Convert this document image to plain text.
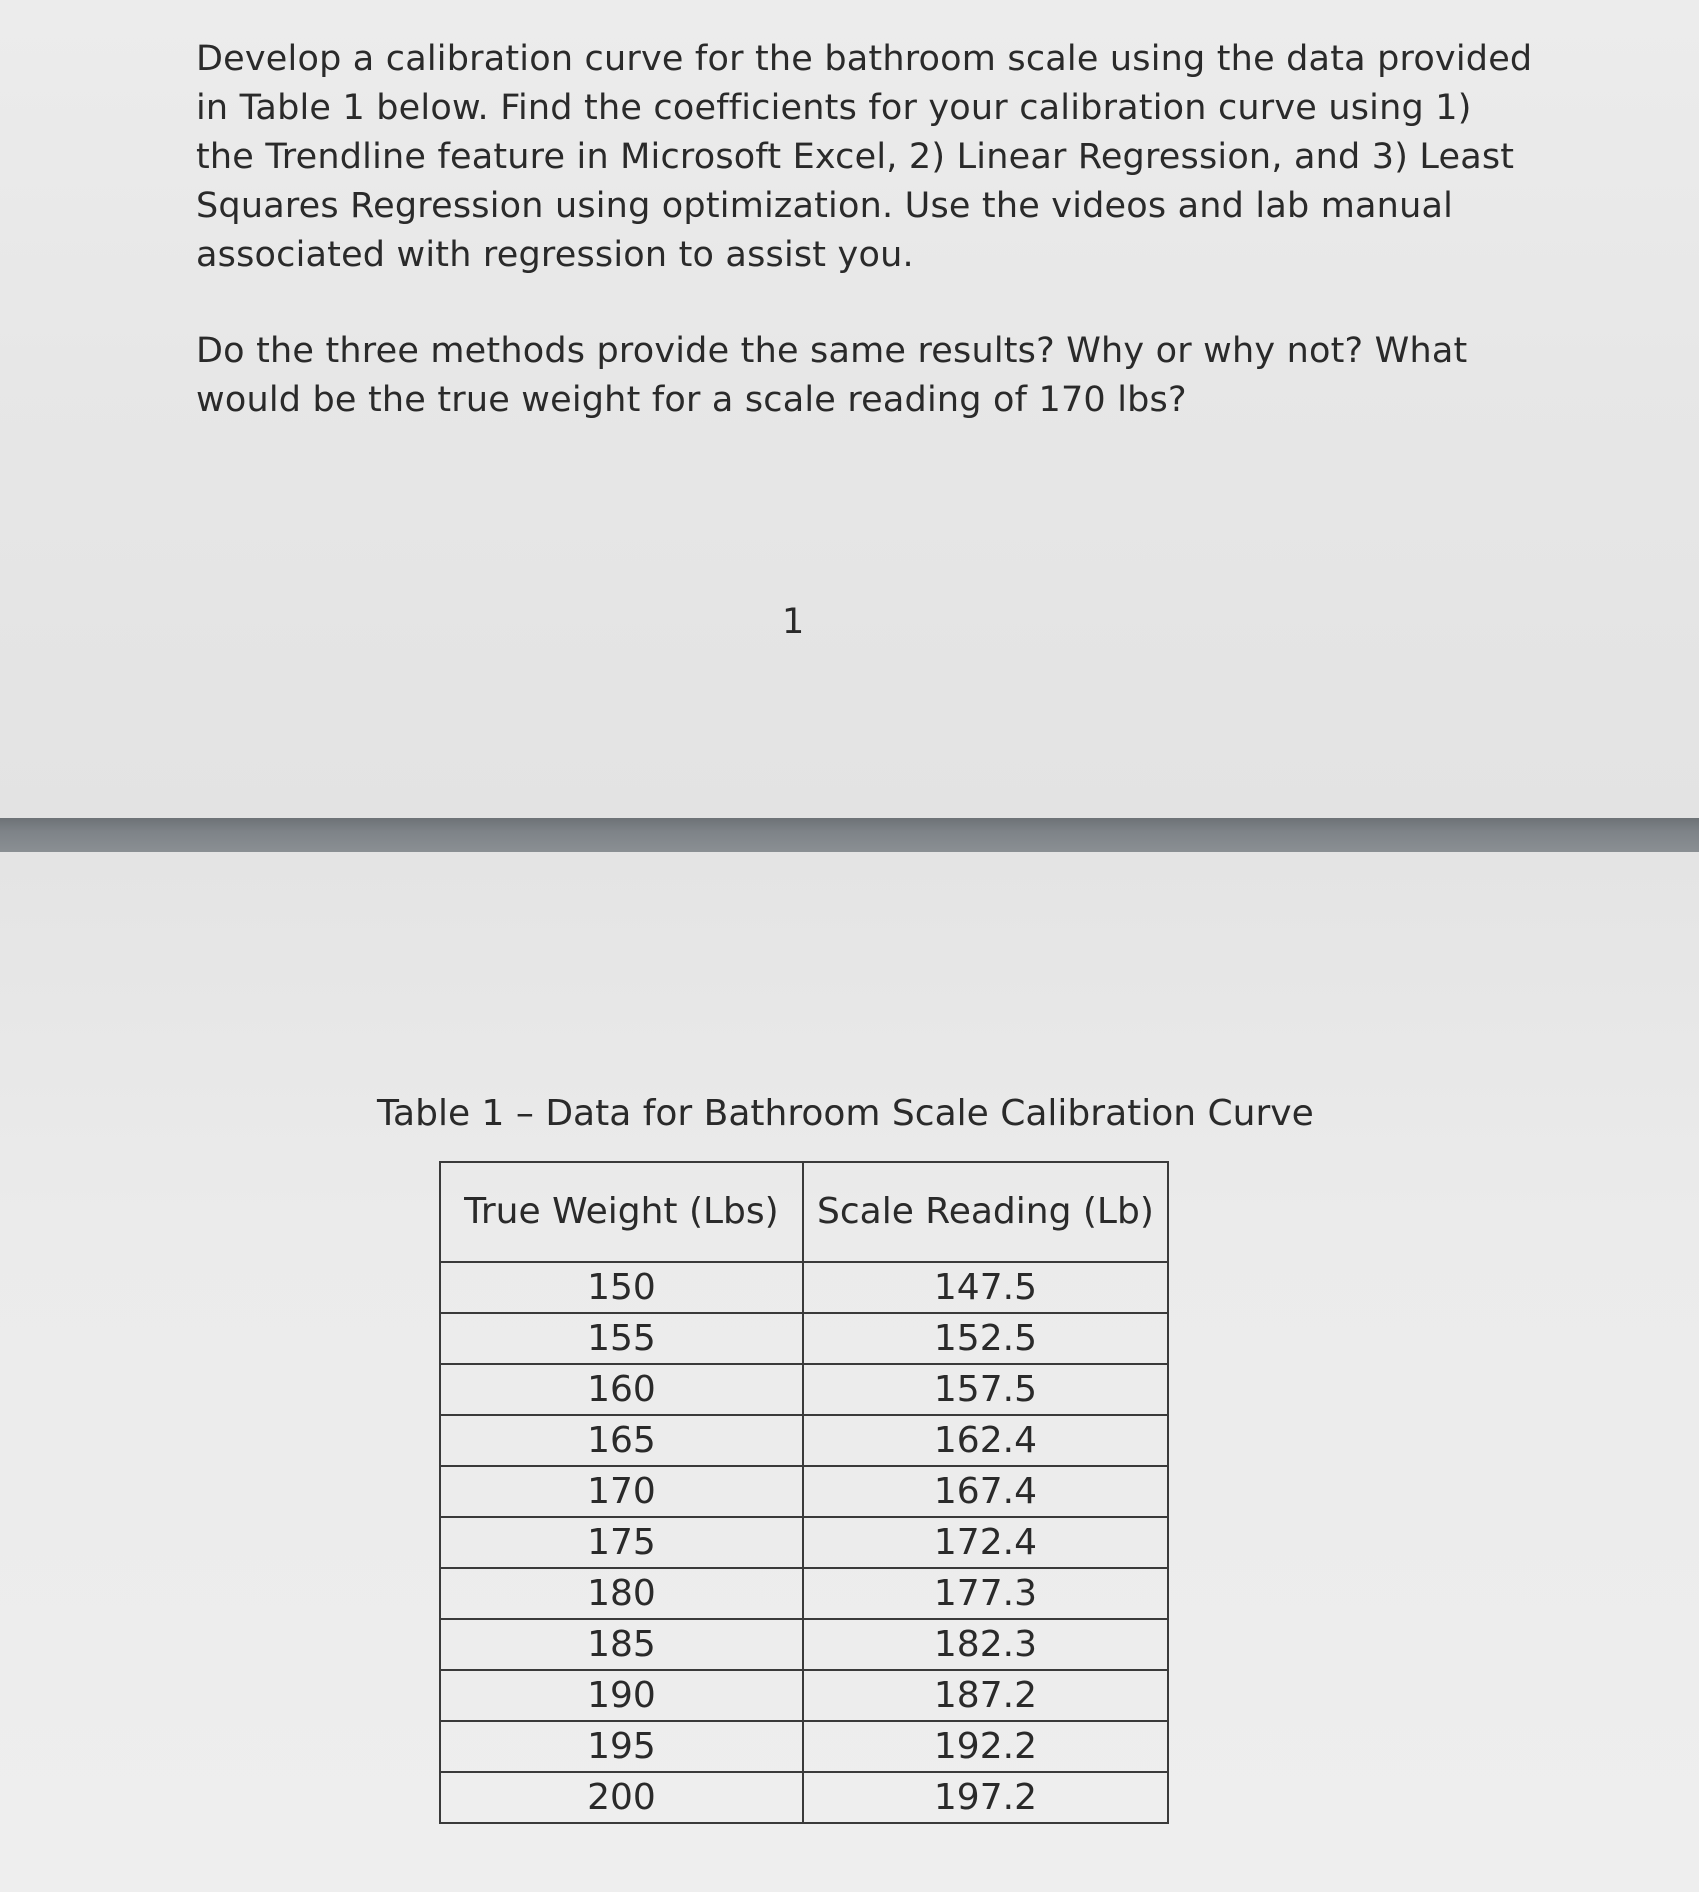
Develop a calibration curve for the bathroom scale using the data provided in Table 1 below. Find the coefficients for your calibration curve using 1) the Trendline feature in Microsoft Excel, 2) Linear Regression, and 3) Least Squares Regression using optimization. Use the videos and lab manual associated with regression to assist you.

Do the three methods provide the same results? Why or why not? What would be the true weight for a scale reading of 170 lbs?

1

Table 1 – Data for Bathroom Scale Calibration Curve

True Weight (Lbs)	Scale Reading (Lb)
150	147.5
155	152.5
160	157.5
165	162.4
170	167.4
175	172.4
180	177.3
185	182.3
190	187.2
195	192.2
200	197.2
